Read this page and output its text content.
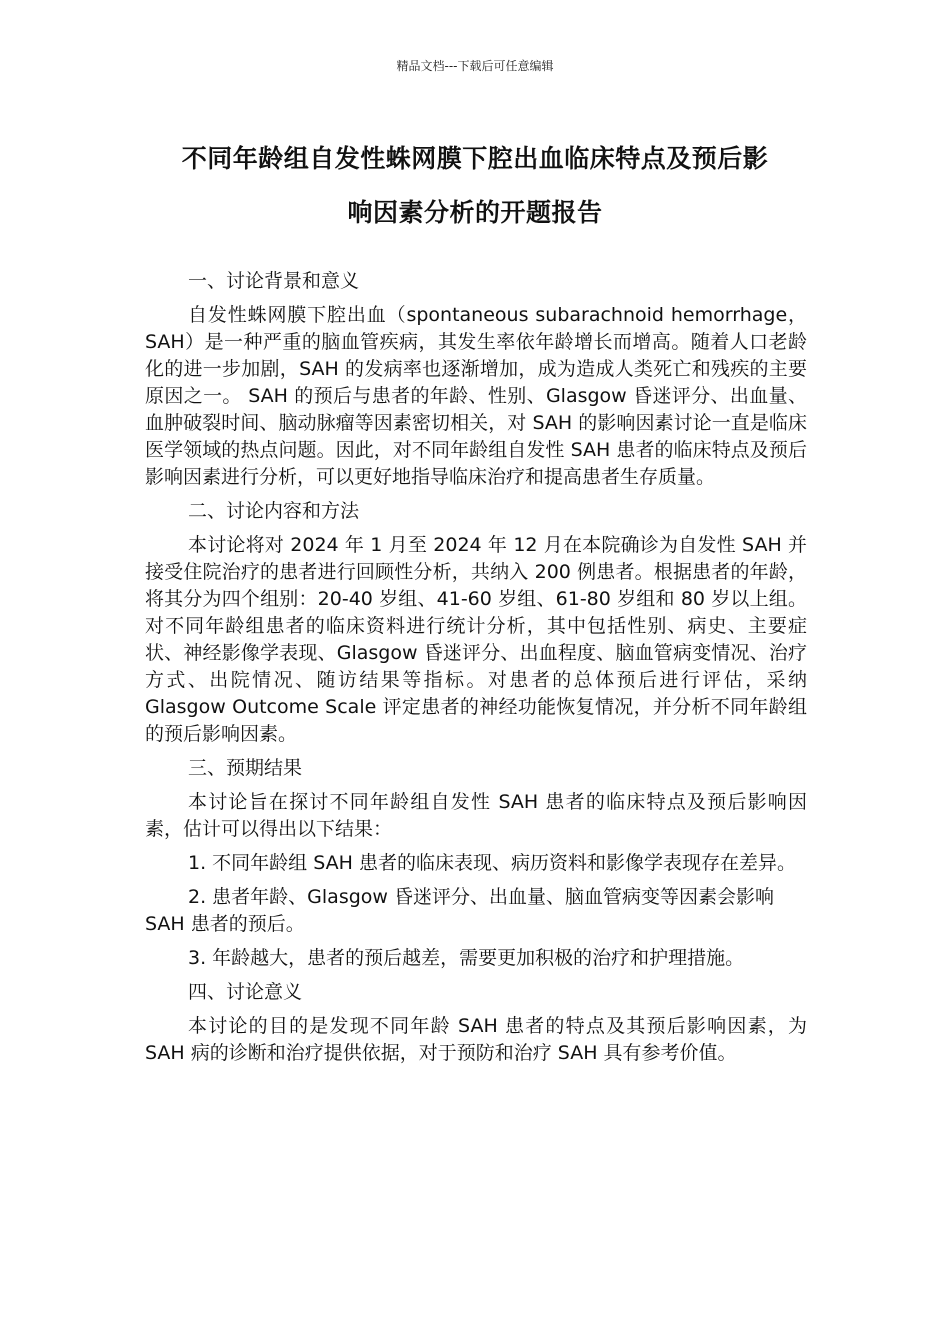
精品文档---下载后可任意编辑
不同年龄组自发性蛛网膜下腔出血临床特点及预后影
响因素分析的开题报告
一、讨论背景和意义
自发性蛛网膜下腔出血（spontaneous subarachnoid hemorrhage，SAH）是一种严重的脑血管疾病，其发生率依年龄增长而增高。随着人口老龄化的进一步加剧，SAH 的发病率也逐渐增加，成为造成人类死亡和残疾的主要原因之一。 SAH 的预后与患者的年龄、性别、Glasgow 昏迷评分、出血量、血肿破裂时间、脑动脉瘤等因素密切相关，对 SAH 的影响因素讨论一直是临床医学领域的热点问题。因此，对不同年龄组自发性 SAH 患者的临床特点及预后影响因素进行分析，可以更好地指导临床治疗和提高患者生存质量。
二、讨论内容和方法
本讨论将对 2024 年 1 月至 2024 年 12 月在本院确诊为自发性 SAH 并接受住院治疗的患者进行回顾性分析，共纳入 200 例患者。根据患者的年龄，将其分为四个组别：20-40 岁组、41-60 岁组、61-80 岁组和 80 岁以上组。对不同年龄组患者的临床资料进行统计分析，其中包括性别、病史、主要症状、神经影像学表现、Glasgow 昏迷评分、出血程度、脑血管病变情况、治疗方式、出院情况、随访结果等指标。对患者的总体预后进行评估，采纳 Glasgow Outcome Scale 评定患者的神经功能恢复情况，并分析不同年龄组的预后影响因素。
三、预期结果
本讨论旨在探讨不同年龄组自发性 SAH 患者的临床特点及预后影响因素，估计可以得出以下结果：
1. 不同年龄组 SAH 患者的临床表现、病历资料和影像学表现存在差异。
2. 患者年龄、Glasgow 昏迷评分、出血量、脑血管病变等因素会影响 SAH 患者的预后。
3. 年龄越大，患者的预后越差，需要更加积极的治疗和护理措施。
四、讨论意义
本讨论的目的是发现不同年龄 SAH 患者的特点及其预后影响因素，为 SAH 病的诊断和治疗提供依据，对于预防和治疗 SAH 具有参考价值。
